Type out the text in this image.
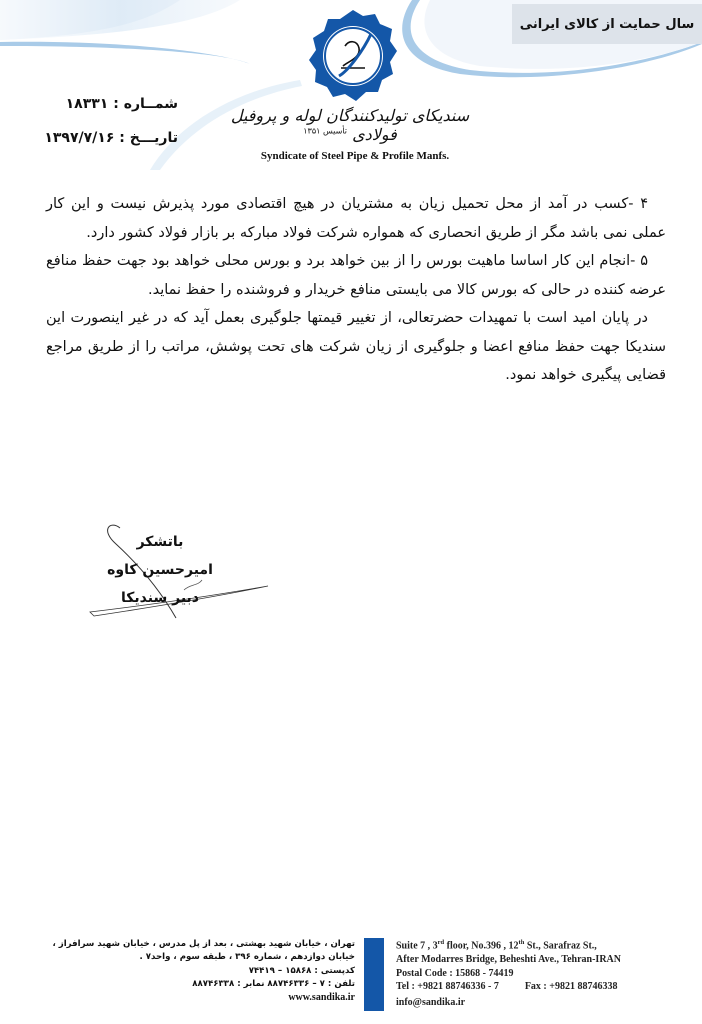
سال حمایت از کالای ایرانی
سندیکای تولیدکنندگان لوله و پروفیل فولادی $^{تأسیس ۱۳۵۱}$
Syndicate of Steel Pipe & Profile Manfs.
شمــاره : ۱۸۳۳۱
تاریـــخ : ۱۳۹۷/۷/۱۶

۴ -کسب در آمد از محل تحمیل زیان به مشتریان در هیچ اقتصادی مورد پذیرش نیست و این کار عملی نمی باشد مگر از طریق انحصاری که همواره شرکت فولاد مبارکه بر بازار فولاد کشور دارد.

۵ -انجام این کار اساسا ماهیت بورس را از بین خواهد برد و بورس محلی خواهد بود جهت حفظ منافع عرضه کننده در حالی که بورس کالا می بایستی منافع خریدار و فروشنده را حفظ نماید.

در پایان امید است با تمهیدات حضرتعالی، از تغییر قیمتها جلوگیری بعمل آید که در غیر اینصورت این سندیکا جهت حفظ منافع اعضا و جلوگیری از زیان شرکت های تحت پوشش، مراتب را از طریق مراجع قضایی پیگیری خواهد نمود.

باتشکر
امیرحسین کاوه
دبیر سندیکا
تهران ، خیابان شهید بهشتی ، بعد از پل مدرس ، خیابان شهید سرافراز ،
خیابان دوازدهم ، شماره ۳۹۶ ، طبقه سوم ، واحد۷ .
کدپستی : ۱۵۸۶۸ – ۷۴۴۱۹
تلفن : ۷ – ۸۸۷۴۶۳۳۶ نمابر : ۸۸۷۴۶۳۳۸
www.sandika.ir
Suite 7 , 3rd floor, No.396 , 12th St., Sarafraz St.,
After Modarres Bridge, Beheshti Ave., Tehran-IRAN
Postal Code : 15868 - 74419
Tel : +9821 88746336 - 7	Fax : +9821 88746338
info@sandika.ir
